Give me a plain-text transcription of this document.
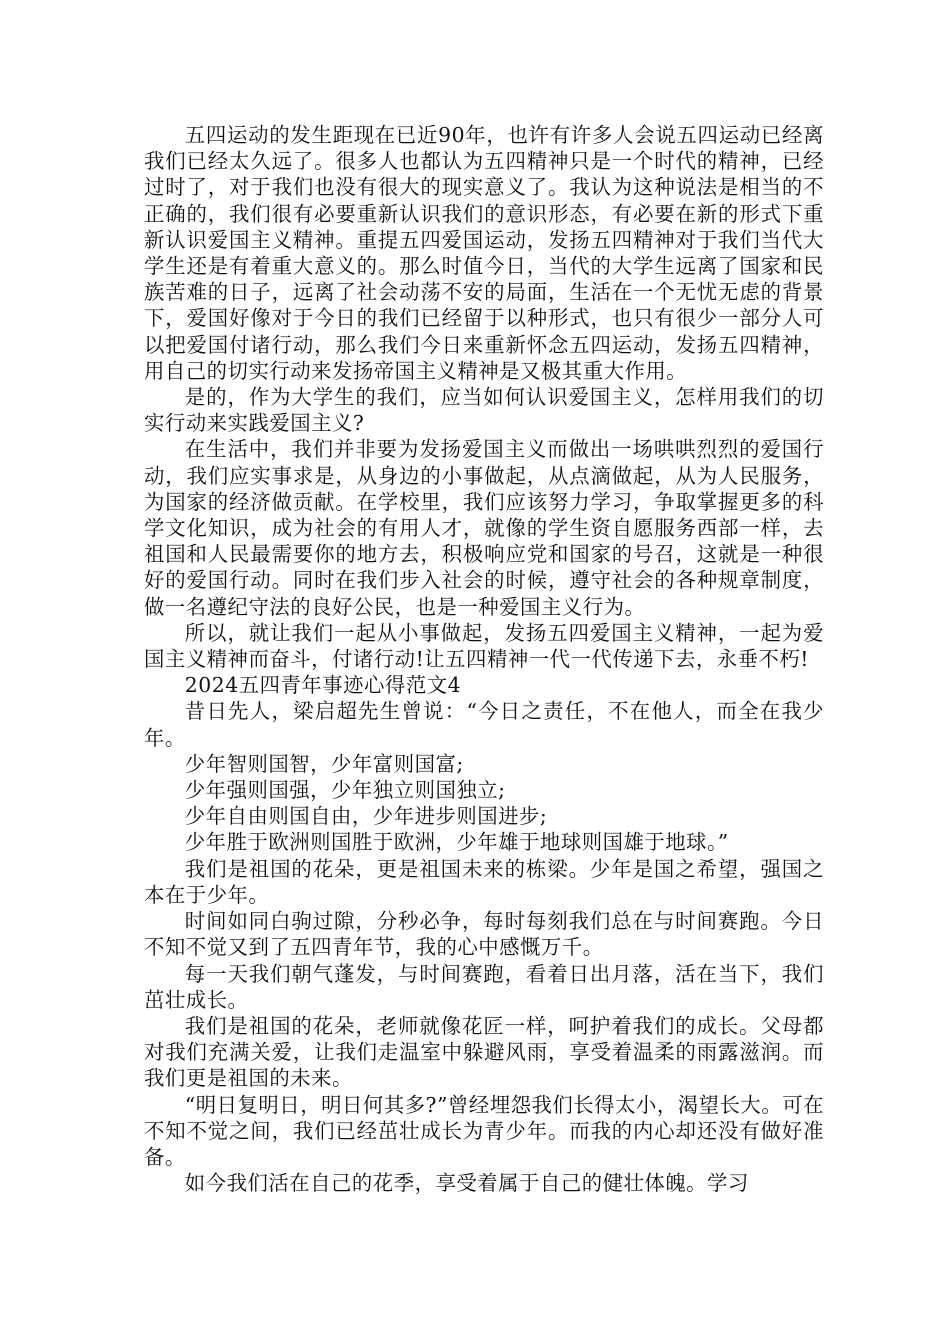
五四运动的发生距现在已近90年，也许有许多人会说五四运动已经离我们已经太久远了。很多人也都认为五四精神只是一个时代的精神，已经过时了，对于我们也没有很大的现实意义了。我认为这种说法是相当的不正确的，我们很有必要重新认识我们的意识形态，有必要在新的形式下重新认识爱国主义精神。重提五四爱国运动，发扬五四精神对于我们当代大学生还是有着重大意义的。那么时值今日，当代的大学生远离了国家和民族苦难的日子，远离了社会动荡不安的局面，生活在一个无忧无虑的背景下，爱国好像对于今日的我们已经留于以种形式，也只有很少一部分人可以把爱国付诸行动，那么我们今日来重新怀念五四运动，发扬五四精神，用自己的切实行动来发扬帝国主义精神是又极其重大作用。

是的，作为大学生的我们，应当如何认识爱国主义，怎样用我们的切实行动来实践爱国主义?

在生活中，我们并非要为发扬爱国主义而做出一场哄哄烈烈的爱国行动，我们应实事求是，从身边的小事做起，从点滴做起，从为人民服务，为国家的经济做贡献。在学校里，我们应该努力学习，争取掌握更多的科学文化知识，成为社会的有用人才，就像的学生资自愿服务西部一样，去祖国和人民最需要你的地方去，积极响应党和国家的号召，这就是一种很好的爱国行动。同时在我们步入社会的时候，遵守社会的各种规章制度，做一名遵纪守法的良好公民，也是一种爱国主义行为。

所以，就让我们一起从小事做起，发扬五四爱国主义精神，一起为爱国主义精神而奋斗，付诸行动!让五四精神一代一代传递下去，永垂不朽!

2024五四青年事迹心得范文4

昔日先人，梁启超先生曾说：“今日之责任，不在他人，而全在我少年。

少年智则国智，少年富则国富;

少年强则国强，少年独立则国独立;

少年自由则国自由，少年进步则国进步;

少年胜于欧洲则国胜于欧洲，少年雄于地球则国雄于地球。”

我们是祖国的花朵，更是祖国未来的栋梁。少年是国之希望，强国之本在于少年。

时间如同白驹过隙，分秒必争，每时每刻我们总在与时间赛跑。今日不知不觉又到了五四青年节，我的心中感慨万千。

每一天我们朝气蓬发，与时间赛跑，看着日出月落，活在当下，我们茁壮成长。

我们是祖国的花朵，老师就像花匠一样，呵护着我们的成长。父母都对我们充满关爱，让我们走温室中躲避风雨，享受着温柔的雨露滋润。而我们更是祖国的未来。

“明日复明日，明日何其多?”曾经埋怨我们长得太小，渴望长大。可在不知不觉之间，我们已经茁壮成长为青少年。而我的内心却还没有做好准备。

如今我们活在自己的花季，享受着属于自己的健壮体魄。学习
